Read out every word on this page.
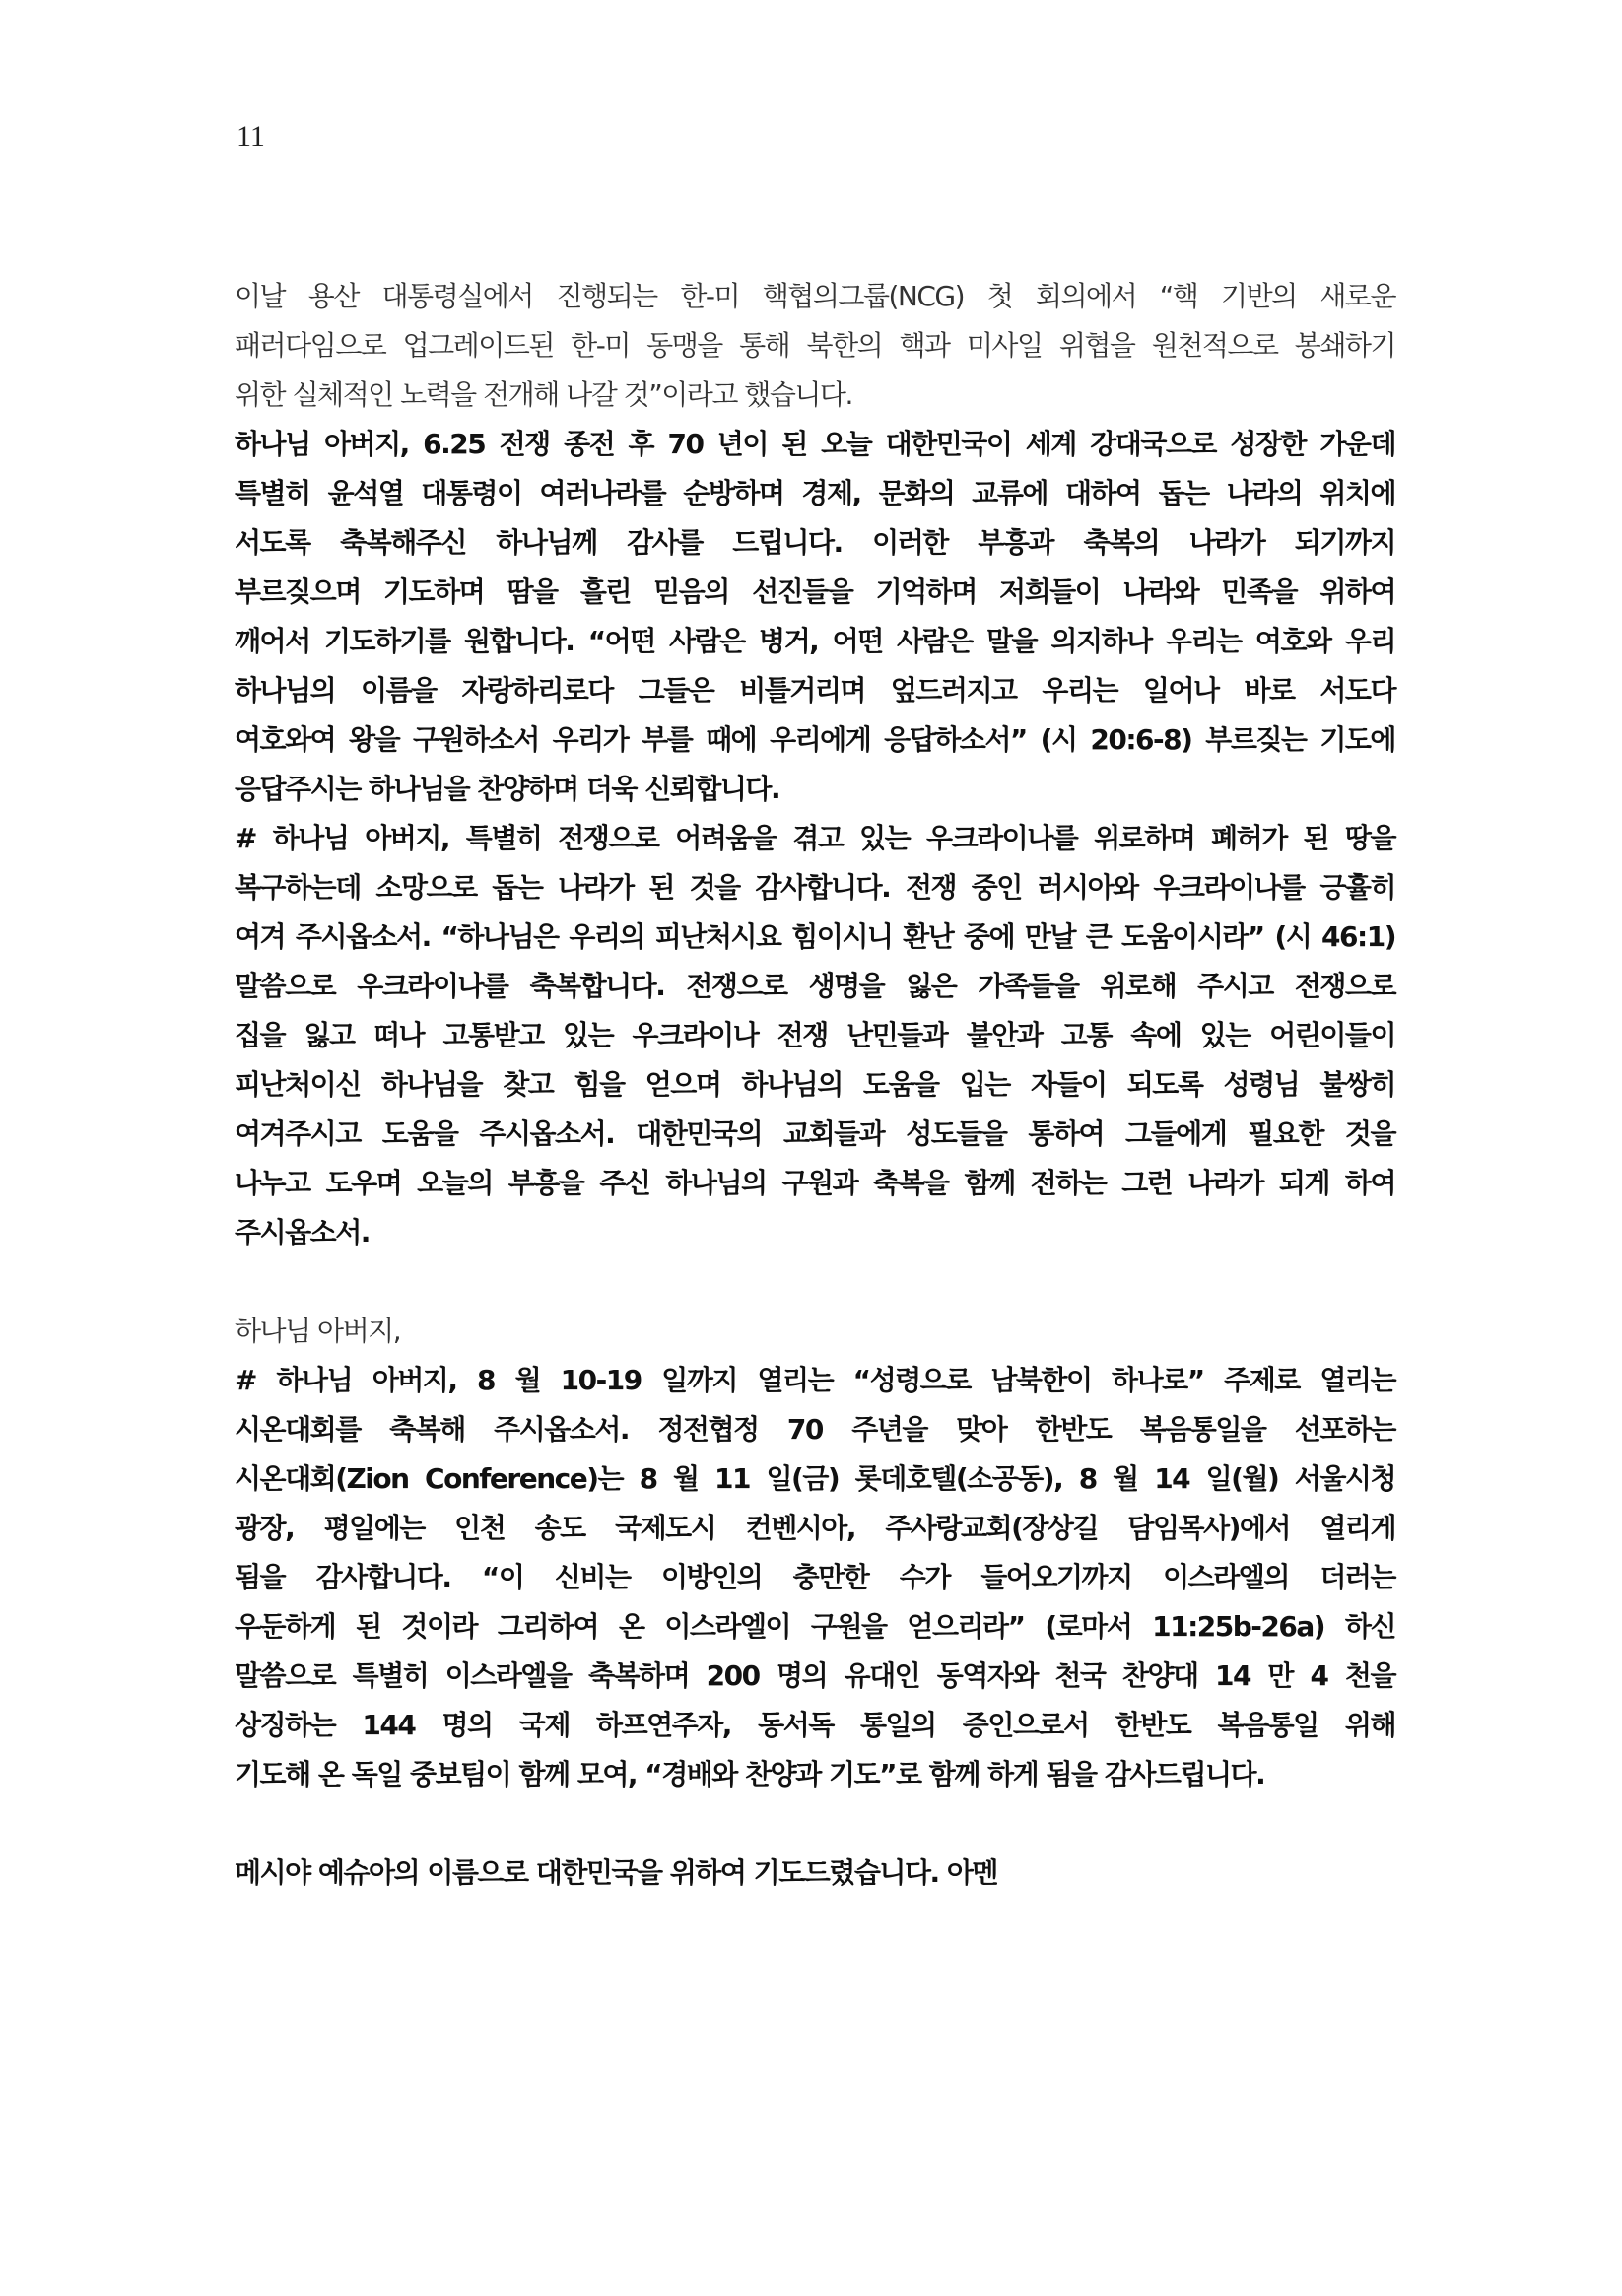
11
이날 용산 대통령실에서 진행되는 한-미 핵협의그룹(NCG) 첫 회의에서 “핵 기반의 새로운
패러다임으로 업그레이드된 한-미 동맹을 통해 북한의 핵과 미사일 위협을 원천적으로 봉쇄하기
위한 실체적인 노력을 전개해 나갈 것”이라고 했습니다.
하나님 아버지, 6.25 전쟁 종전 후 70 년이 된 오늘 대한민국이 세계 강대국으로 성장한 가운데
특별히 윤석열 대통령이 여러나라를 순방하며 경제, 문화의 교류에 대하여 돕는 나라의 위치에
서도록 축복해주신 하나님께 감사를 드립니다. 이러한 부흥과 축복의 나라가 되기까지
부르짖으며 기도하며 땀을 흘린 믿음의 선진들을 기억하며 저희들이 나라와 민족을 위하여
깨어서 기도하기를 원합니다. “어떤 사람은 병거, 어떤 사람은 말을 의지하나 우리는 여호와 우리
하나님의 이름을 자랑하리로다 그들은 비틀거리며 엎드러지고 우리는 일어나 바로 서도다
여호와여 왕을 구원하소서 우리가 부를 때에 우리에게 응답하소서” (시 20:6-8) 부르짖는 기도에
응답주시는 하나님을 찬양하며 더욱 신뢰합니다.
# 하나님 아버지, 특별히 전쟁으로 어려움을 겪고 있는 우크라이나를 위로하며 폐허가 된 땅을
복구하는데 소망으로 돕는 나라가 된 것을 감사합니다. 전쟁 중인 러시아와 우크라이나를 긍휼히
여겨 주시옵소서. “하나님은 우리의 피난처시요 힘이시니 환난 중에 만날 큰 도움이시라” (시 46:1)
말씀으로 우크라이나를 축복합니다. 전쟁으로 생명을 잃은 가족들을 위로해 주시고 전쟁으로
집을 잃고 떠나 고통받고 있는 우크라이나 전쟁 난민들과 불안과 고통 속에 있는 어린이들이
피난처이신 하나님을 찾고 힘을 얻으며 하나님의 도움을 입는 자들이 되도록 성령님 불쌍히
여겨주시고 도움을 주시옵소서. 대한민국의 교회들과 성도들을 통하여 그들에게 필요한 것을
나누고 도우며 오늘의 부흥을 주신 하나님의 구원과 축복을 함께 전하는 그런 나라가 되게 하여
주시옵소서.
하나님 아버지,
# 하나님 아버지, 8 월 10-19 일까지 열리는 “성령으로 남북한이 하나로” 주제로 열리는
시온대회를 축복해 주시옵소서. 정전협정 70 주년을 맞아 한반도 복음통일을 선포하는
시온대회(Zion Conference)는 8 월 11 일(금) 롯데호텔(소공동), 8 월 14 일(월) 서울시청
광장, 평일에는 인천 송도 국제도시 컨벤시아, 주사랑교회(장상길 담임목사)에서 열리게
됨을 감사합니다. “이 신비는 이방인의 충만한 수가 들어오기까지 이스라엘의 더러는
우둔하게 된 것이라 그리하여 온 이스라엘이 구원을 얻으리라” (로마서 11:25b-26a) 하신
말씀으로 특별히 이스라엘을 축복하며 200 명의 유대인 동역자와 천국 찬양대 14 만 4 천을
상징하는 144 명의 국제 하프연주자, 동서독 통일의 증인으로서 한반도 복음통일 위해
기도해 온 독일 중보팀이 함께 모여, “경배와 찬양과 기도”로 함께 하게 됨을 감사드립니다.
메시야 예슈아의 이름으로 대한민국을 위하여 기도드렸습니다. 아멘
